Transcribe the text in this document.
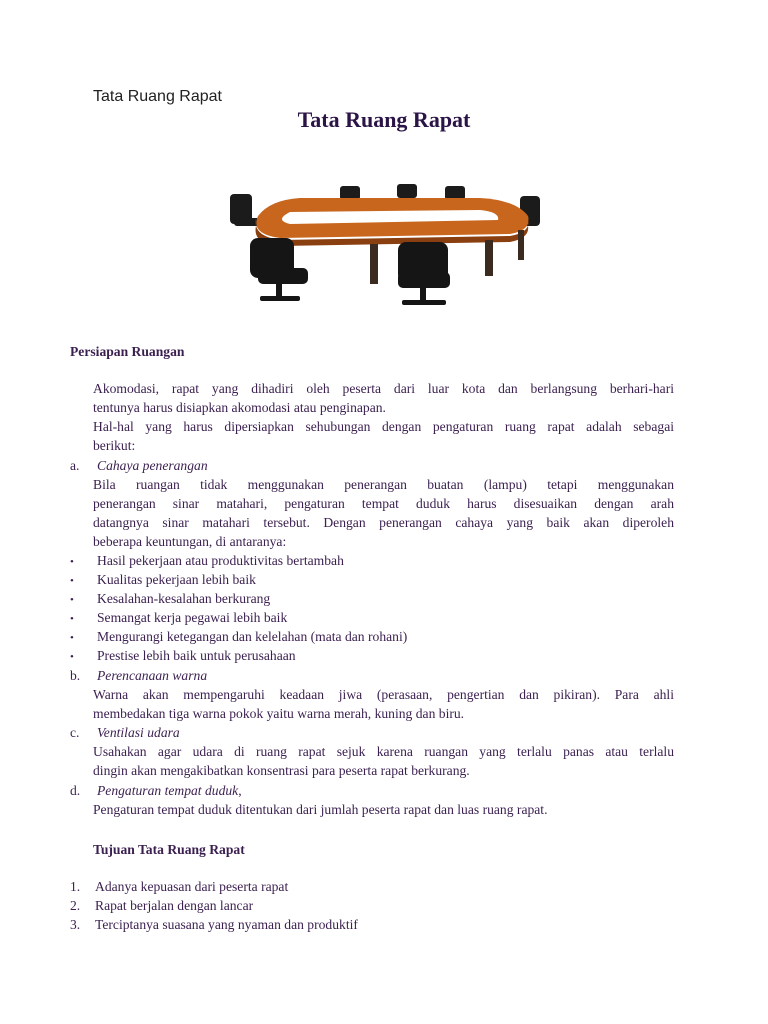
Tata Ruang Rapat

Tata Ruang Rapat
Persiapan Ruangan
Akomodasi, rapat yang dihadiri oleh peserta dari luar kota dan berlangsung berhari-hari
tentunya harus disiapkan akomodasi atau penginapan.
Hal-hal yang harus dipersiapkan sehubungan dengan pengaturan ruang rapat adalah sebagai
berikut:
a. Cahaya penerangan
Bila ruangan tidak menggunakan penerangan buatan (lampu) tetapi menggunakan
penerangan sinar matahari, pengaturan tempat duduk harus disesuaikan dengan arah
datangnya sinar matahari tersebut. Dengan penerangan cahaya yang baik akan diperoleh
beberapa keuntungan, di antaranya:
• Hasil pekerjaan atau produktivitas bertambah
• Kualitas pekerjaan lebih baik
• Kesalahan-kesalahan berkurang
• Semangat kerja pegawai lebih baik
• Mengurangi ketegangan dan kelelahan (mata dan rohani)
• Prestise lebih baik untuk perusahaan
b. Perencanaan warna
Warna akan mempengaruhi keadaan jiwa (perasaan, pengertian dan pikiran). Para ahli
membedakan tiga warna pokok yaitu warna merah, kuning dan biru.
c. Ventilasi udara
Usahakan agar udara di ruang rapat sejuk karena ruangan yang terlalu panas atau terlalu
dingin akan mengakibatkan konsentrasi para peserta rapat berkurang.
d. Pengaturan tempat duduk,
Pengaturan tempat duduk ditentukan dari jumlah peserta rapat dan luas ruang rapat.
Tujuan Tata Ruang Rapat
1. Adanya kepuasan dari peserta rapat
2. Rapat berjalan dengan lancar
3. Terciptanya suasana yang nyaman dan produktif
